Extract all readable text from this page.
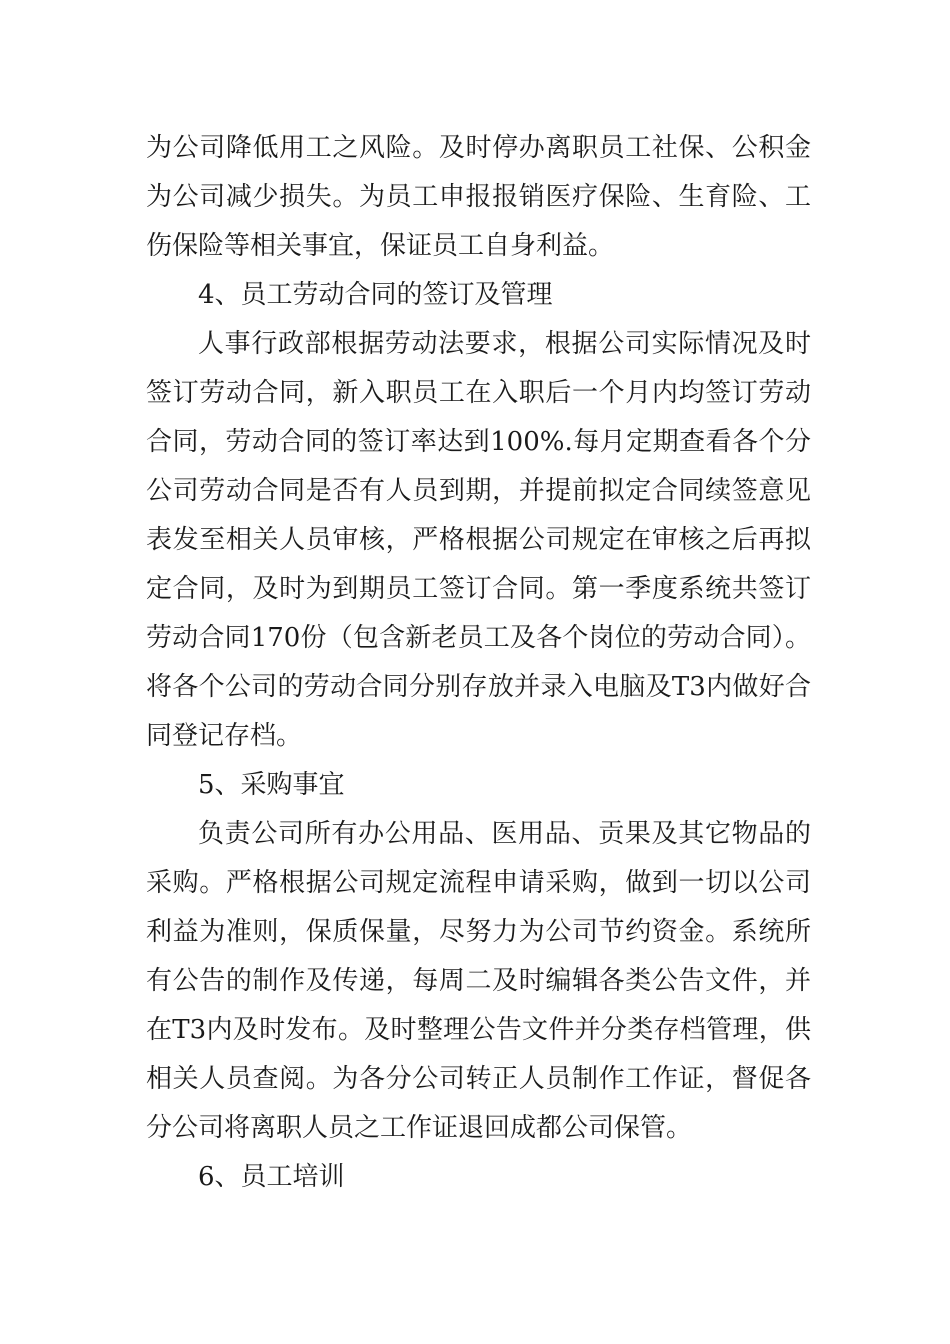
为公司降低用工之风险。及时停办离职员工社保、公积金为公司减少损失。为员工申报报销医疗保险、生育险、工伤保险等相关事宜，保证员工自身利益。

4、员工劳动合同的签订及管理

人事行政部根据劳动法要求，根据公司实际情况及时签订劳动合同，新入职员工在入职后一个月内均签订劳动合同，劳动合同的签订率达到100%.每月定期查看各个分公司劳动合同是否有人员到期，并提前拟定合同续签意见表发至相关人员审核，严格根据公司规定在审核之后再拟定合同，及时为到期员工签订合同。第一季度系统共签订劳动合同170份（包含新老员工及各个岗位的劳动合同）。将各个公司的劳动合同分别存放并录入电脑及T3内做好合同登记存档。

5、采购事宜

负责公司所有办公用品、医用品、贡果及其它物品的采购。严格根据公司规定流程申请采购，做到一切以公司利益为准则，保质保量，尽努力为公司节约资金。系统所有公告的制作及传递，每周二及时编辑各类公告文件，并在T3内及时发布。及时整理公告文件并分类存档管理，供相关人员查阅。为各分公司转正人员制作工作证，督促各分公司将离职人员之工作证退回成都公司保管。

6、员工培训
